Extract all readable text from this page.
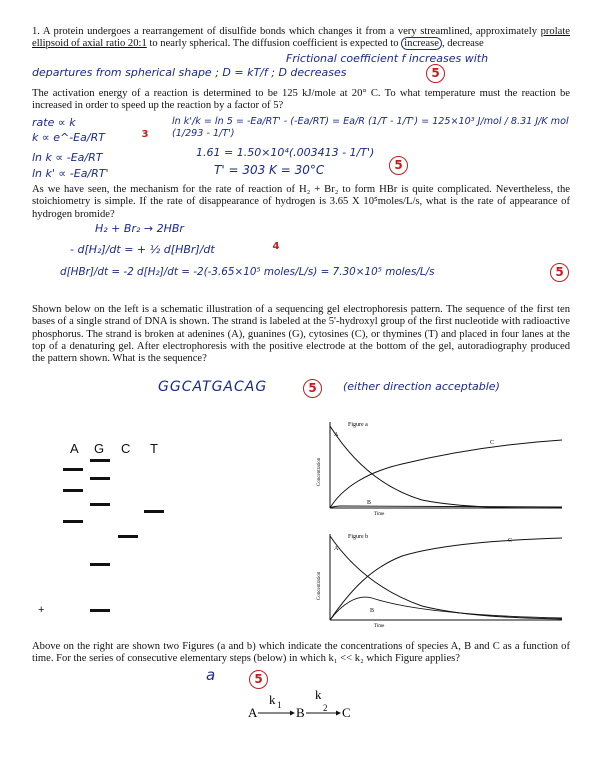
1. A protein undergoes a rearrangement of disulfide bonds which changes it from a very streamlined, approximately prolate ellipsoid of axial ratio 20:1 to nearly spherical. The diffusion coefficient is expected to increase , decrease

Frictional coefficient f increases with
departures from spherical shape ; D = kT/f ; D decreases	5

The activation energy of a reaction is determined to be 125 kJ/mole at 20° C. To what temperature must the reaction be increased in order to speed up the reaction by a factor of 5?

rate ∝ k
k ∝ e^-Ea/RT	3
ln k ∝ -Ea/RT
ln k' ∝ -Ea/RT'
ln k'/k = ln 5 = -Ea/RT' - (-Ea/RT) = Ea/R (1/T - 1/T') = 125×10³ J/mol / 8.31 J/K mol (1/293 - 1/T')
1.61 = 1.50×10⁴(.003413 - 1/T')
T' = 303 K = 30°C	5

As we have seen, the mechanism for the rate of reaction of H₂ + Br₂ to form HBr is quite complicated. Nevertheless, the stoichiometry is simple. If the rate of disappearance of hydrogen is 3.65 X 10⁵moles/L/s, what is the rate of appearance of hydrogen bromide?

H₂ + Br₂ → 2HBr
- d[H₂]/dt = + ½ d[HBr]/dt	4
d[HBr]/dt = -2 d[H₂]/dt = -2(-3.65×10⁵ moles/L/s) = 7.30×10⁵ moles/L/s	5

Shown below on the left is a schematic illustration of a sequencing gel electrophoresis pattern. The sequence of the first ten bases of a single strand of DNA is shown. The strand is labeled at the 5'-hydroxyl group of the first nucleotide with radioactive phosphorus. The strand is broken at adenines (A), guanines (G), cytosines (C), or thymines (T) and placed in four lanes at the top of a denaturing gel. After electrophoresis with the positive electrode at the bottom of the gel, autoradiography produced the pattern shown. What is the sequence?

GGCATGACAG	5	(either direction acceptable)
A G C T
+
Figure a
A
C
B
Time
Concentration
Figure b
A
C
B
Time
Concentration

Above on the right are shown two Figures (a and b) which indicate the concentrations of species A, B and C as a function of time. For the series of consecutive elementary steps (below) in which k₁ << k₂ which Figure applies?

a	5
A
k 1 B
k
2 C
